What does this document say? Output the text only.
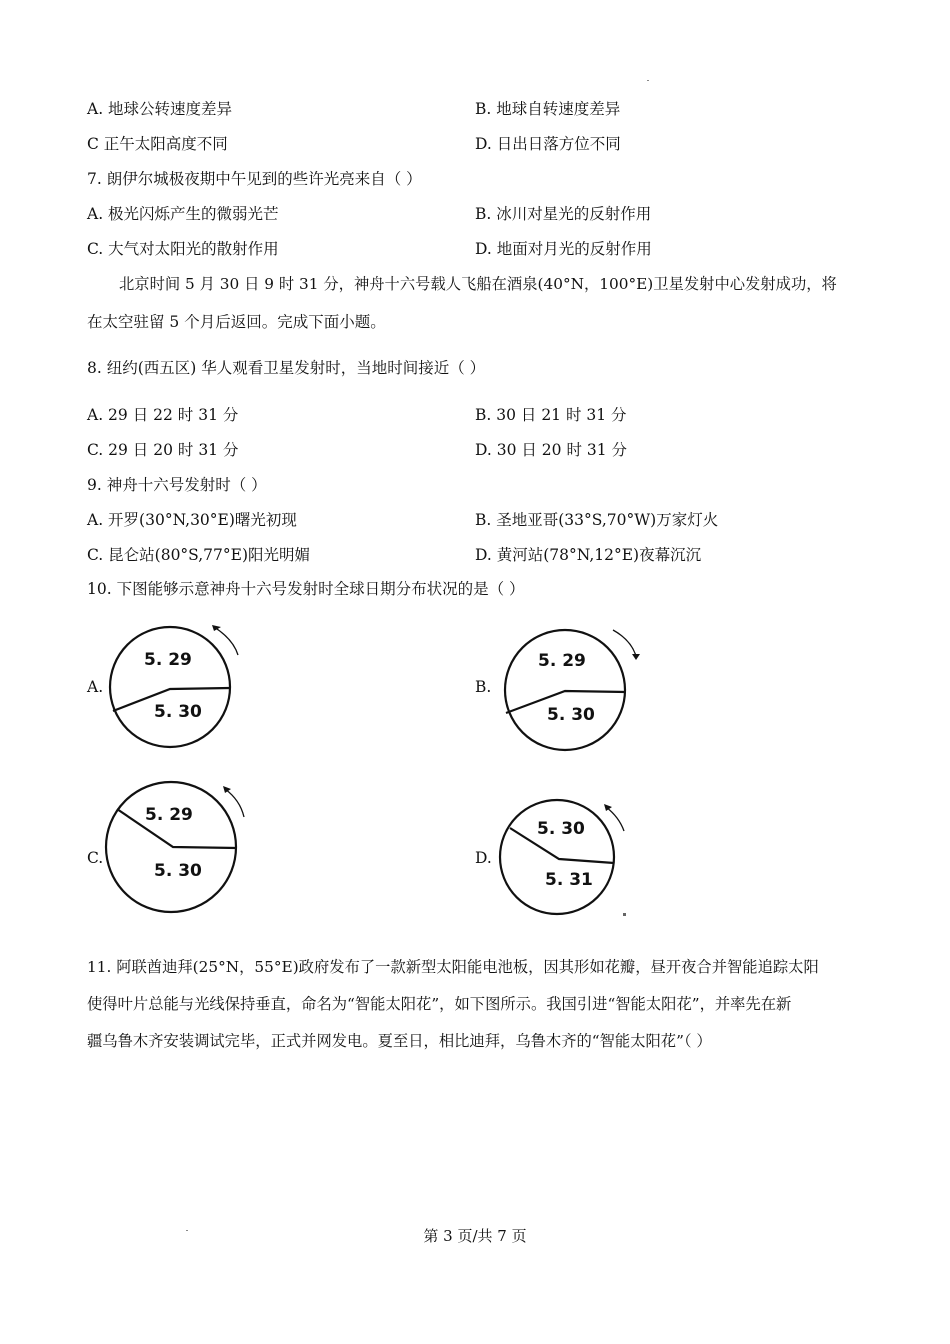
A. 地球公转速度差异	B. 地球自转速度差异
C 正午太阳高度不同	D. 日出日落方位不同
7. 朗伊尔城极夜期中午见到的些许光亮来自（ ）
A. 极光闪烁产生的微弱光芒	B. 冰川对星光的反射作用
C. 大气对太阳光的散射作用	D. 地面对月光的反射作用
北京时间 5 月 30 日 9 时 31 分，神舟十六号载人飞船在酒泉(40°N，100°E)卫星发射中心发射成功，将
在太空驻留 5 个月后返回。完成下面小题。
8. 纽约(西五区) 华人观看卫星发射时，当地时间接近（ ）
A. 29 日 22 时 31 分	B. 30 日 21 时 31 分
C. 29 日 20 时 31 分	D. 30 日 20 时 31 分
9. 神舟十六号发射时（ ）
A. 开罗(30°N,30°E)曙光初现	B. 圣地亚哥(33°S,70°W)万家灯火
C. 昆仑站(80°S,77°E)阳光明媚	D. 黄河站(78°N,12°E)夜幕沉沉
10. 下图能够示意神舟十六号发射时全球日期分布状况的是（ ）
A.
5. 29
5. 30
B.
5. 29
5. 30
C.
5. 29
5. 30
D.
5. 30
5. 31
11. 阿联酋迪拜(25°N，55°E)政府发布了一款新型太阳能电池板，因其形如花瓣，昼开夜合并智能追踪太阳
使得叶片总能与光线保持垂直，命名为“智能太阳花”，如下图所示。我国引进“智能太阳花”，并率先在新
疆乌鲁木齐安装调试完毕，正式并网发电。夏至日，相比迪拜，乌鲁木齐的“智能太阳花”（ ）
第 3 页/共 7 页
